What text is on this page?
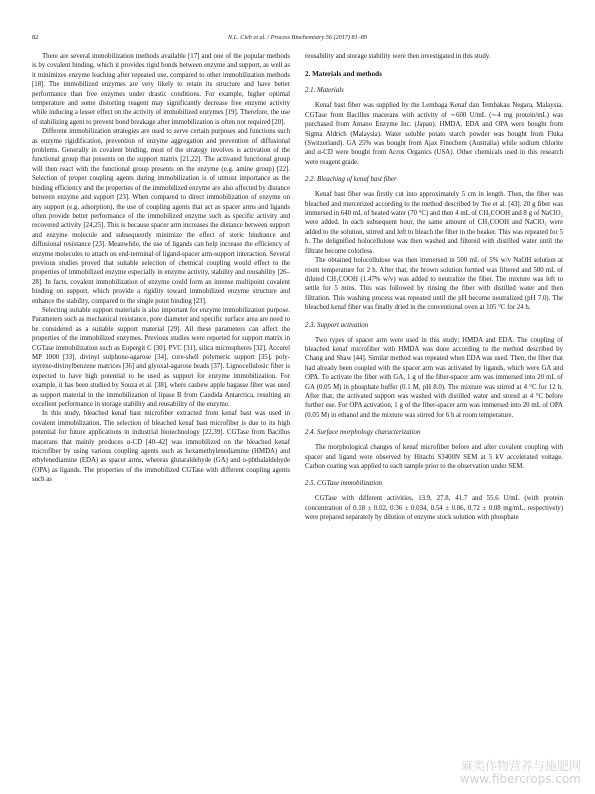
82	N.L. Cieh et al. / Process Biochemistry 56 (2017) 81–89

There are several immobilization methods available [17] and one of the popular methods is by covalent binding, which it provides rigid bonds between enzyme and support, as well as it minimizes enzyme leaching after repeated use, compared to other immobilization methods [18]. The immobilized enzymes are very likely to retain its structure and have better performance than free enzymes under drastic conditions. For example, higher optimal temperature and some distorting reagent may significantly decrease free enzyme activity while inducing a lesser effect on the activity of immobilized enzymes [19]. Therefore, the use of stabilizing agent to prevent bond breakage after immobilization is often not required [20].

Different immobilization strategies are used to serve certain purposes and functions such as enzyme rigidification, prevention of enzyme aggregation and prevention of diffusional problems. Generally in covalent binding, most of the strategy involves is activation of the functional group that presents on the support matrix [21,22]. The activated functional group will then react with the functional group presents on the enzyme (e.g. amine group) [22]. Selection of proper coupling agents during immobilization is of utmost importance as the binding efficiency and the properties of the immobilized enzyme are also affected by distance between enzyme and support [23]. When compared to direct immobilization of enzyme on any support (e.g. adsorption), the use of coupling agents that act as spacer arms and ligands often provide better performance of the immobilized enzyme such as specific activity and recovered activity [24,25]. This is because spacer arm increases the distance between support and enzyme molecule and subsequently minimize the effect of steric hindrance and diffusional resistance [23]. Meanwhile, the use of ligands can help increase the efficiency of enzyme molecules to attach on end-terminal of ligand-spacer arm-support interaction. Several previous studies proved that suitable selection of chemical coupling would effect to the properties of immobilized enzyme especially in enzyme activity, stability and reusability [26–28]. In facts, covalent immobilization of enzyme could form an intense multipoint covalent binding on support, which provide a rigidity toward immobilized enzyme structure and enhance the stability, compared to the single point binding [23].

Selecting suitable support materials is also important for enzyme immobilization purpose. Parameters such as mechanical resistance, pore diameter and specific surface area are need to be considered as a suitable support material [29]. All these parameters can affect the properties of the immobilized enzymes. Previous studies were reported for support matrix in CGTase immobilization such as Eupergit C [30], PVC [31], silica microspheres [32], Accurel MP 1000 [33], divinyl sulphone-agarose [34], core-shell polymeric support [35], poly-styrene-divinylbenzene matrices [36] and glyoxal-agarose beads [37]. Lignocellulosic fiber is expected to have high potential to be used as support for enzyme immobilization. For example, it has been studied by Souza et al. [38], where cashew apple bagasse fiber was used as support material in the immobilization of lipase B from Candida Antarctica, resulting an excellent performance in storage stability and reusability of the enzyme.

In this study, bleached kenaf bast microfiber extracted from kenaf bast was used in covalent immobilization. The selection of bleached kenaf bast microfiber is due to its high potential for future applications in industrial biotechnology [22,39]. CGTase from Bacillus macerans that mainly produces α-CD [40–42] was immobilized on the bleached kenaf microfiber by using various coupling agents such as hexamethylenediamine (HMDA) and ethylenediamine (EDA) as spacer arms, whereas glutaraldehyde (GA) and o-phthalaldehyde (OPA) as ligands. The properties of the immobilized CGTase with different coupling agents such as

reusability and storage stability were then investigated in this study.

2. Materials and methods
2.1. Materials

Kenaf bast fiber was supplied by the Lembaga Kenaf dan Tembakau Negara, Malaysia. CGTase from Bacillus macerans with activity of ∼600 U/mL (∼4 mg protein/mL) was purchased from Amano Enzyme Inc. (Japan). HMDA, EDA and OPA were bought from Sigma Aldrich (Malaysia). Water soluble potato starch powder was bought from Fluka (Switzerland). GA 25% was bought from Ajax Finechem (Australia) while sodium chlorite and α-CD were bought from Acros Organics (USA). Other chemicals used in this research were reagent grade.

2.2. Bleaching of kenaf bast fiber

Kenaf bast fiber was firstly cut into approximately 5 cm in length. Then, the fiber was bleached and mercerized according to the method described by Tee et al. [43]. 20 g fiber was immersed in 640 mL of heated water (70 °C) and then 4 mL of CH₃COOH and 8 g of NaClO₂ were added. In each subsequent hour, the same amount of CH₃COOH and NaClO₂ were added to the solution, stirred and left to bleach the fiber in the beaker. This was repeated for 5 h. The delignified holocellulose was then washed and filtered with distilled water until the filtrate become colorless.

The obtained holocellulose was then immersed in 500 mL of 5% w/v NaOH solution at room temperature for 2 h. After that, the brown solution formed was filtered and 500 mL of diluted CH₃COOH (1.47% w/v) was added to neutralize the fiber. The mixture was left to settle for 5 mins. This was followed by rinsing the fiber with distilled water and then filtration. This washing process was repeated until the pH become neutralized (pH 7.0). The bleached kenaf fiber was finally dried in the conventional oven at 105 °C for 24 h.

2.3. Support activation

Two types of spacer arm were used in this study; HMDA and EDA. The coupling of bleached kenaf microfiber with HMDA was done according to the method described by Chang and Shaw [44]. Similar method was repeated when EDA was used. Then, the fiber that had already been coupled with the spacer arm was activated by ligands, which were GA and OPA. To activate the fiber with GA, 1 g of the fiber-spacer arm was immersed into 20 mL of GA (0.05 M) in phosphate buffer (0.1 M, pH 8.0). The mixture was stirred at 4 °C for 12 h. After that, the activated support was washed with distilled water and stored at 4 °C before further use. For OPA activation, 1 g of the fiber-spacer arm was immersed into 20 mL of OPA (0.05 M) in ethanol and the mixture was stirred for 6 h at room temperature.

2.4. Surface morphology characterization

The morphological changes of kenaf microfiber before and after covalent coupling with spacer and ligand were observed by Hitachi S3400N SEM at 5 kV accelerated voltage. Carbon coating was applied to each sample prior to the observation under SEM.

2.5. CGTase immobilization

CGTase with different activities, 13.9, 27.8, 41.7 and 55.6 U/mL (with protein concentration of 0.18 ± 0.02, 0.36 ± 0.034, 0.54 ± 0.06, 0.72 ± 0.08 mg/mL, respectively) were prepared separately by dilution of enzyme stock solution with phosphate

麻类作物营养与施肥网
www.fibercrops.com
